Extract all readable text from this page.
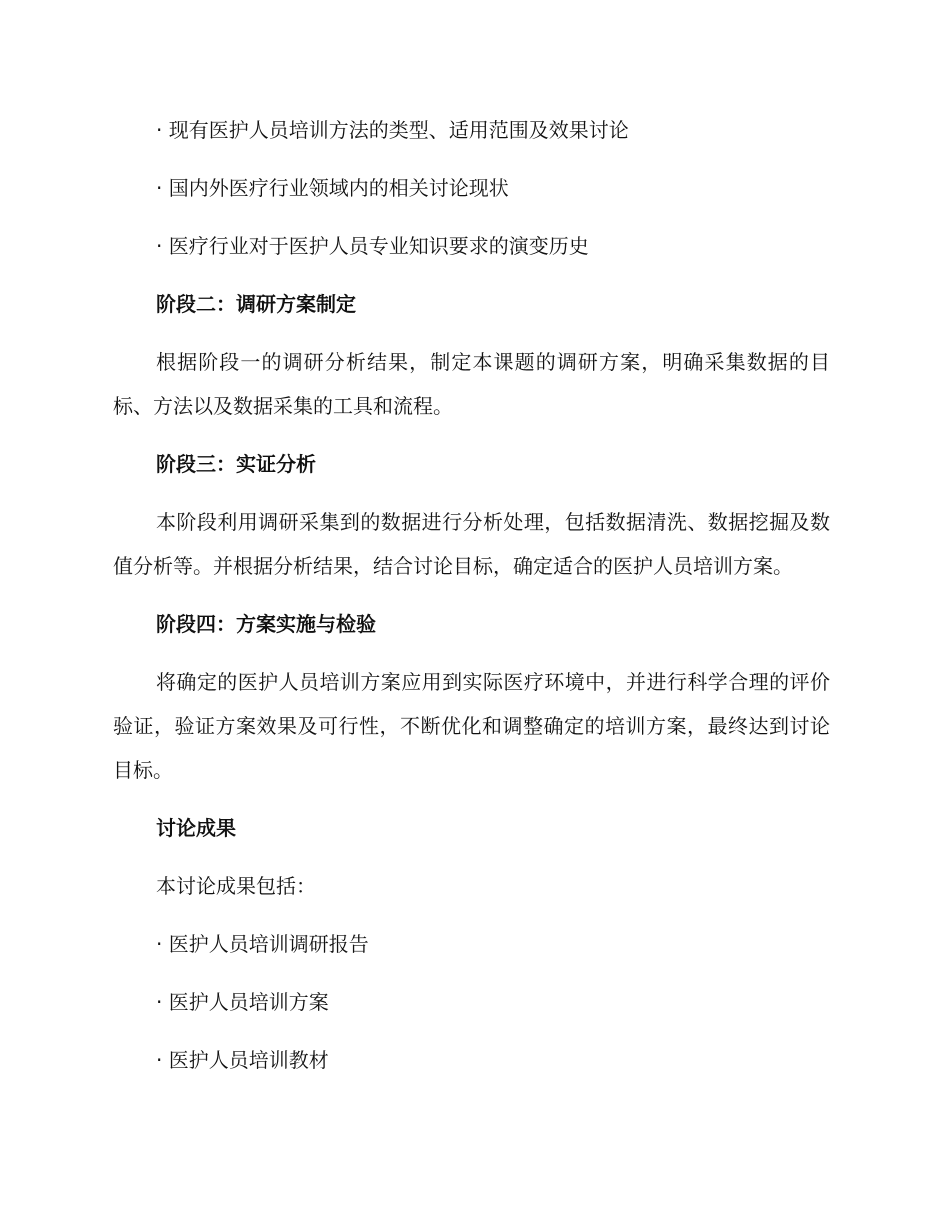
· 现有医护人员培训方法的类型、适用范围及效果讨论

· 国内外医疗行业领域内的相关讨论现状

· 医疗行业对于医护人员专业知识要求的演变历史

阶段二：调研方案制定

根据阶段一的调研分析结果，制定本课题的调研方案，明确采集数据的目标、方法以及数据采集的工具和流程。

阶段三：实证分析

本阶段利用调研采集到的数据进行分析处理，包括数据清洗、数据挖掘及数值分析等。并根据分析结果，结合讨论目标，确定适合的医护人员培训方案。

阶段四：方案实施与检验

将确定的医护人员培训方案应用到实际医疗环境中，并进行科学合理的评价验证，验证方案效果及可行性，不断优化和调整确定的培训方案，最终达到讨论目标。

讨论成果

本讨论成果包括：

· 医护人员培训调研报告

· 医护人员培训方案

· 医护人员培训教材
